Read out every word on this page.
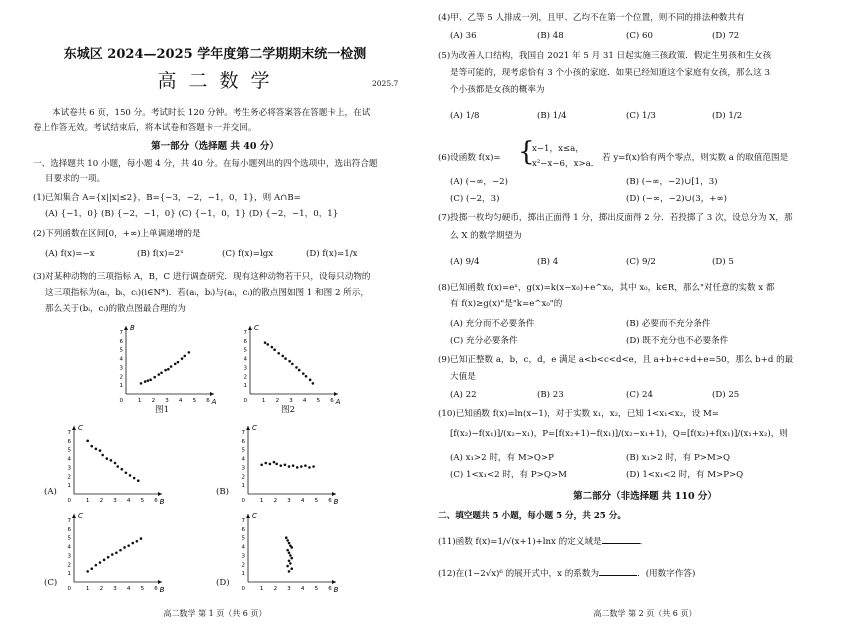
东城区 2024—2025 学年度第二学期期末统一检测
高 二 数 学	2025.7
本试卷共 6 页，150 分。考试时长 120 分钟。考生务必将答案答在答题卡上，在试
卷上作答无效。考试结束后，将本试卷和答题卡一并交回。
第一部分（选择题 共 40 分）
一、选择题共 10 小题，每小题 4 分，共 40 分。在每小题列出的四个选项中，选出符合题
目要求的一项。
(1)已知集合 A={x||x|≤2}，B={−3，−2，−1，0，1}，则 A∩B=
(A) {−1，0} (B) {−2，−1，0} (C) {−1，0，1} (D) {−2，−1，0，1}
(2)下列函数在区间[0，+∞)上单调递增的是
(A) f(x)=−x	(B) f(x)=2ˣ	(C) f(x)=lgx	(D) f(x)=1/x
(3)对某种动物的三项指标 A，B，C 进行调查研究．现有这种动物若干只，设每只动物的
这三项指标为(aᵢ，bᵢ，cᵢ)(i∈N*)．若(aᵢ，bᵢ)与(aᵢ，cᵢ)的散点图如图 1 和图 2 所示，
那么关于(bᵢ，cᵢ)的散点图最合理的为
A
B
0	1 2 3 4 5 6
7
6
5
4
3
2
1
图1
A
C
0	1 2 3 4 5 6
7
6
5
4
3
2
1
图2
(A)
B
C
0	1 2 3 4 5 6
7
6
5
4
3
2
1
(B)
B
C
0	1 2 3 4 5 6
7
6
5
4
3
2
1
(C)
B
C
0	1 2 3 4 5 6
7
6
5
4
3
2
1
(D)
B
C
0	1 2 3 4 5 6
7
6
5
4
3
2
1
高二数学 第 1 页（共 6 页）
(4)甲、乙等 5 人排成一列，且甲、乙均不在第一个位置，则不同的排法种数共有
(A) 36	(B) 48	(C) 60	(D) 72
(5)为改善人口结构，我国自 2021 年 5 月 31 日起实施三孩政策．假定生男孩和生女孩
是等可能的，现考虑恰有 3 个小孩的家庭．如果已经知道这个家庭有女孩，那么这 3
个小孩都是女孩的概率为
(A) 1/8	(B) 1/4	(C) 1/3	(D) 1/2
(6)设函数 f(x)= {
x−1，x≤a，
x²−x−6，x>a．
若 y=f(x)恰有两个零点，则实数 a 的取值范围是
(A) (−∞，−2)	(B) (−∞，−2)∪[1，3)
(C) (−2，3)	(D) (−∞，−2)∪(3，+∞)
(7)投掷一枚均匀硬币，掷出正面得 1 分，掷出反面得 2 分．若投掷了 3 次，设总分为 X，那
么 X 的数学期望为
(A) 9/4	(B) 4	(C) 9/2	(D) 5
(8)已知函数 f(x)=eˣ，g(x)=k(x−x₀)+e^x₀，其中 x₀，k∈R，那么"对任意的实数 x 都
有 f(x)≥g(x)"是"k=e^x₀"的
(A) 充分而不必要条件	(B) 必要而不充分条件
(C) 充分必要条件	(D) 既不充分也不必要条件
(9)已知正整数 a，b，c，d，e 满足 a<b<c<d<e，且 a+b+c+d+e=50，那么 b+d 的最
大值是
(A) 22	(B) 23	(C) 24	(D) 25
(10)已知函数 f(x)=ln(x−1)，对于实数 x₁，x₂，已知 1<x₁<x₂，设 M=
[f(x₂)−f(x₁)]/(x₂−x₁)，P=[f(x₂+1)−f(x₁)]/(x₂−x₁+1)，Q=[f(x₂)+f(x₁)]/(x₁+x₂)，则
(A) x₁>2 时，有 M>Q>P	(B) x₁>2 时，有 P>M>Q
(C) 1<x₁<2 时，有 P>Q>M	(D) 1<x₁<2 时，有 M>P>Q
第二部分（非选择题 共 110 分）
二、填空题共 5 小题，每小题 5 分，共 25 分。
(11)函数 f(x)=1/√(x+1)+lnx 的定义域是	．
(12)在(1−2√x)⁶ 的展开式中，x 的系数为	．(用数字作答)
高二数学 第 2 页（共 6 页）
